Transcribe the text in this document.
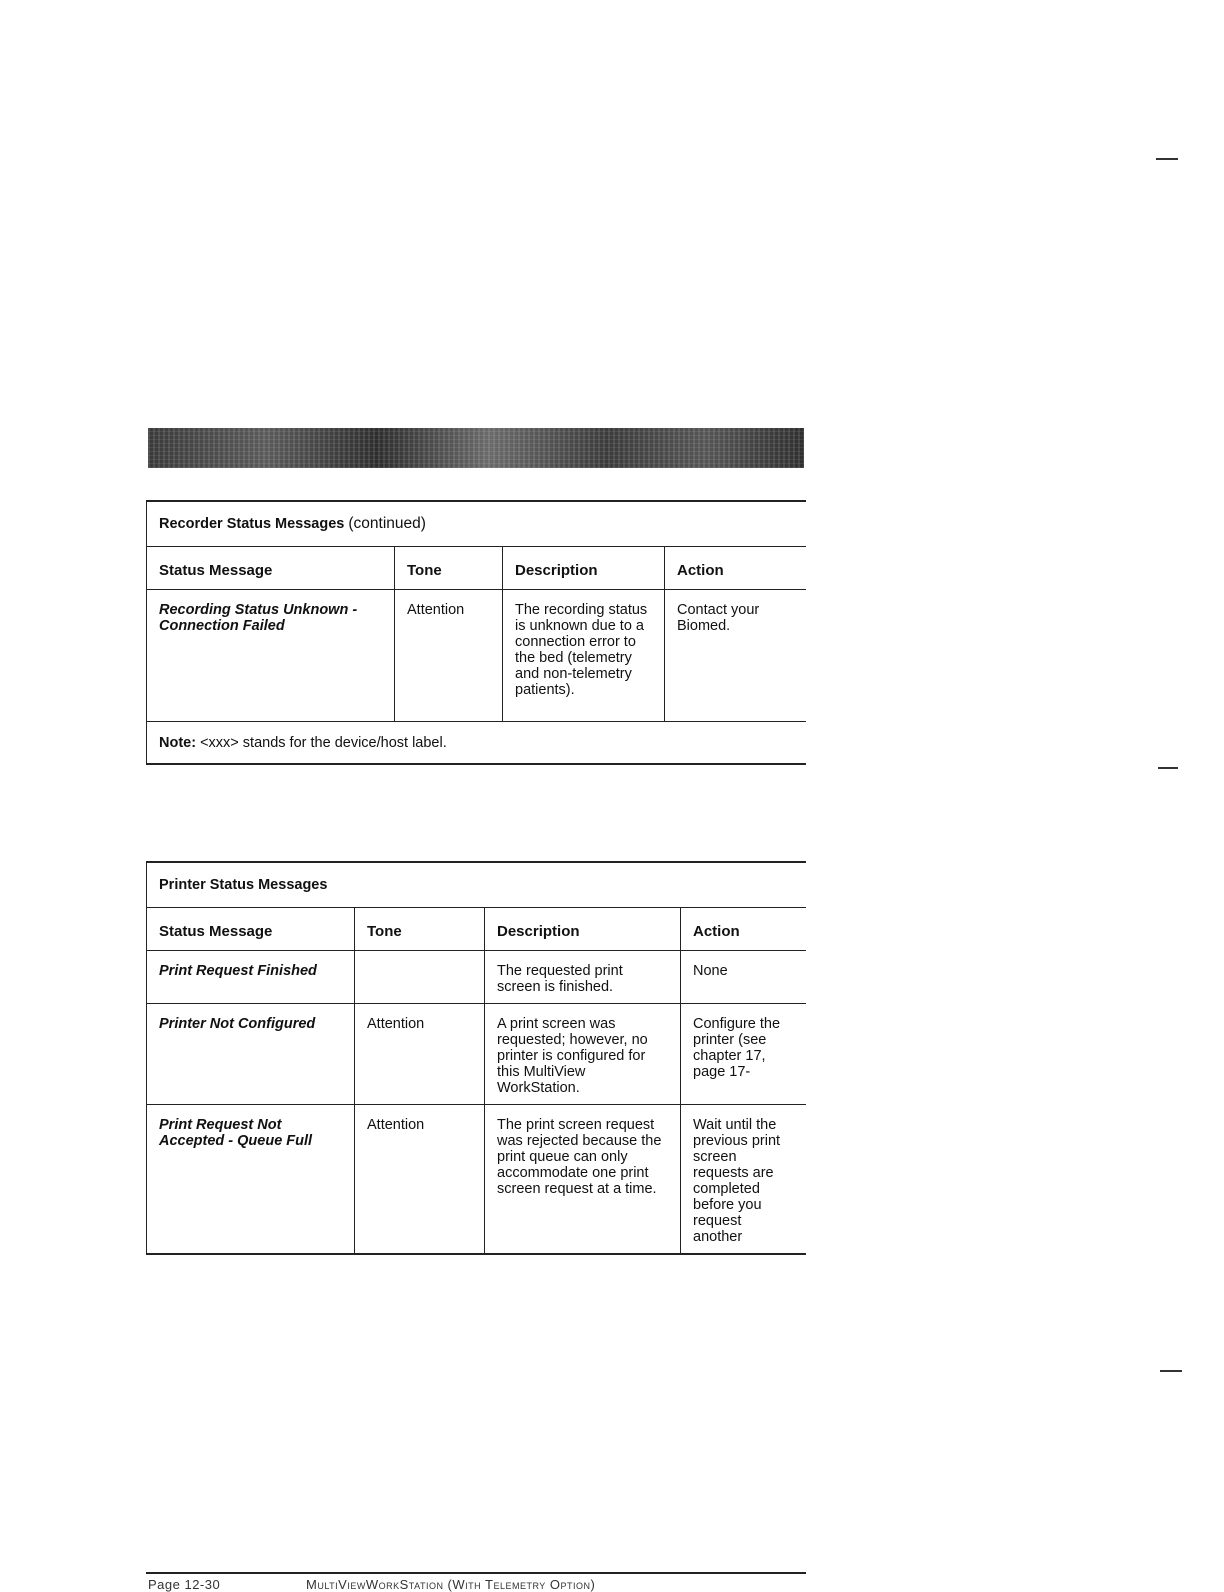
Recorder Status Messages (continued)			
Status Message	Tone	Description	Action
Recording Status Unknown - Connection Failed	Attention	The recording status is unknown due to a connection error to the bed (telemetry and non-telemetry patients).	Contact your Biomed.
Note: <xxx> stands for the device/host label.			
Printer Status Messages			
Status Message	Tone	Description	Action
Print Request Finished		The requested print screen is finished.	None
Printer Not Configured	Attention	A print screen was requested; however, no printer is configured for this MultiView WorkStation.	Configure the printer (see chapter 17, page 17-
Print Request Not Accepted - Queue Full	Attention	The print screen request was rejected because the print queue can only accommodate one print screen request at a time.	Wait until the previous print screen requests are completed before you request another
Page 12-30	MultiViewWorkStation (With Telemetry Option)
